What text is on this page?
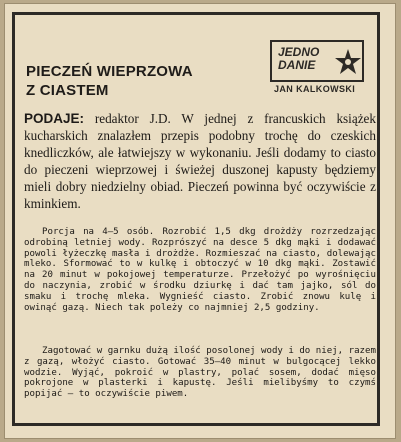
PIECZEŃ WIEPRZOWA
Z CIASTEM
JEDNO
DANIE
JAN KALKOWSKI
PODAJE: redaktor J.D. W jednej z francuskich książek kucharskich znalazłem przepis podobny trochę do czeskich knedliczków, ale łatwiejszy w wykonaniu. Jeśli dodamy to ciasto do pieczeni wieprzowej i świeżej duszonej kapusty będziemy mieli dobry niedzielny obiad. Pieczeń powinna być oczywiście z kminkiem.
Porcja na 4—5 osób. Rozrobić 1,5 dkg drożdży rozrzedzając odrobiną letniej wody. Rozprószyć na desce 5 dkg mąki i dodawać powoli łyżeczkę masła i drożdże. Rozmieszać na ciasto, dolewając mleko. Sformować to w kulkę i obtoczyć w 10 dkg mąki. Zostawić na 20 minut w pokojowej temperaturze. Przełożyć po wyrośnięciu do naczynia, zrobić w środku dziurkę i dać tam jajko, sól do smaku i trochę mleka. Wygnieść ciasto. Zrobić znowu kulę i owinąć gazą. Niech tak poleży co najmniej 2,5 godziny.
Zagotować w garnku dużą ilość posolonej wody i do niej, razem z gazą, włożyć ciasto. Gotować 35—40 minut w bulgocącej lekko wodzie. Wyjąć, pokroić w plastry, polać sosem, dodać mięso pokrojone w plasterki i kapustę. Jeśli mielibyśmy to czymś popijać — to oczywiście piwem.
